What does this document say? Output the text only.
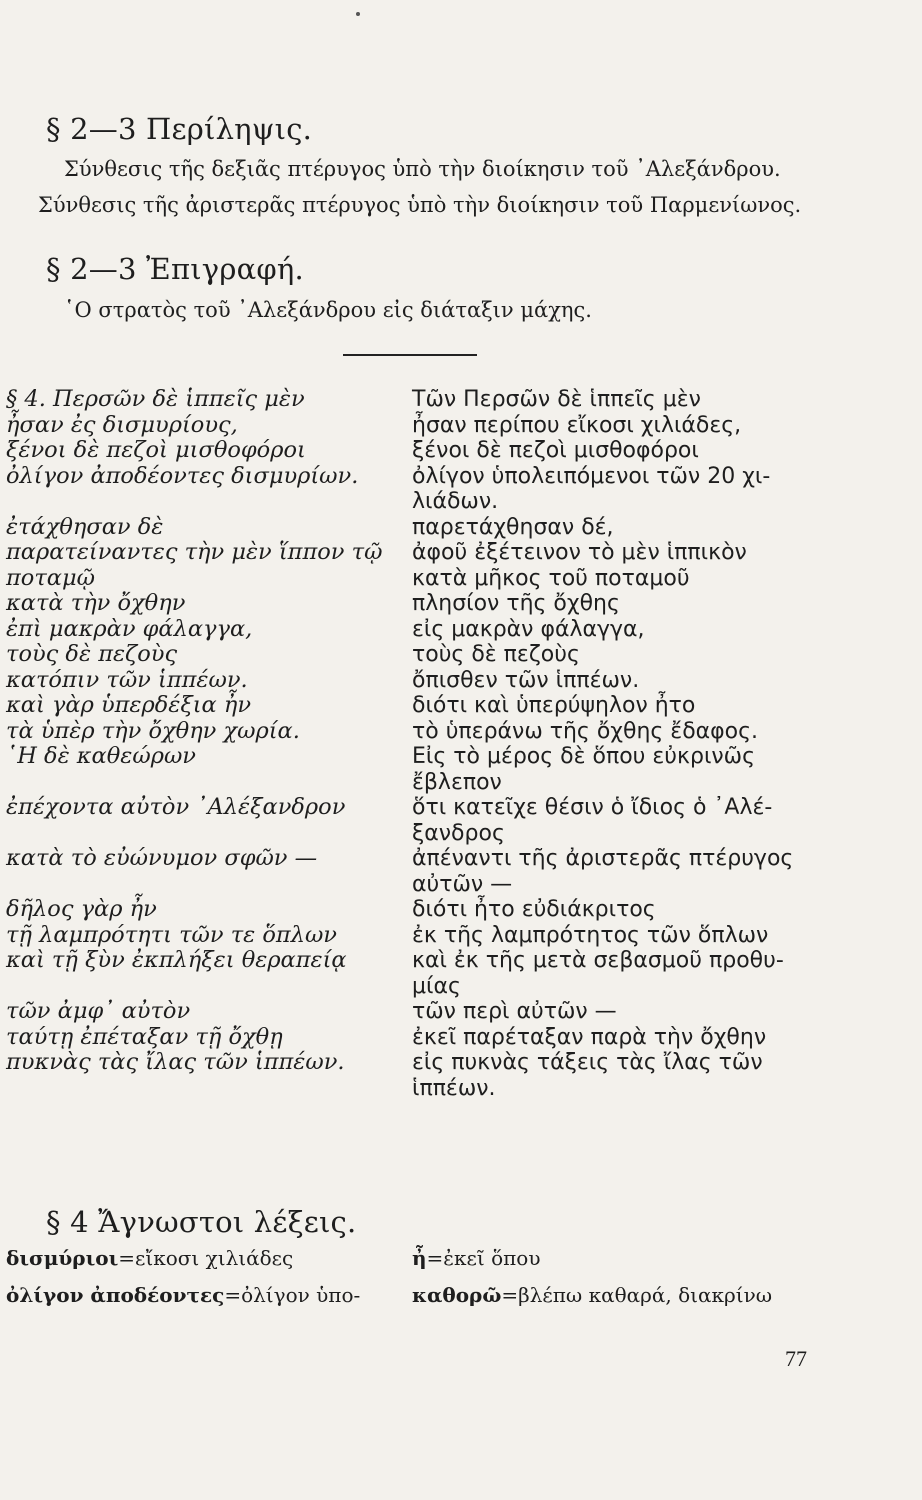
§ 2—3 Περίληψις.
Σύνθεσις τῆς δεξιᾶς πτέρυγος ὑπὸ τὴν διοίκησιν τοῦ ᾿Αλεξάνδρου.
Σύνθεσις τῆς ἀριστερᾶς πτέρυγος ὑπὸ τὴν διοίκησιν τοῦ Παρμενίωνος.
§ 2—3 Ἐπιγραφή.
῾Ο στρατὸς τοῦ ᾿Αλεξάνδρου εἰς διάταξιν μάχης.
§ 4. Περσῶν δὲ ἱππεῖς μὲν
ἦσαν ἐς δισμυρίους,
ξένοι δὲ πεζοὶ μισθοφόροι
ὀλίγον ἀποδέοντες δισμυρίων.
ἐτάχθησαν δὲ
παρατείναντες τὴν μὲν ἵππον τῷ
ποταμῷ
κατὰ τὴν ὄχθην
ἐπὶ μακρὰν φάλαγγα,
τοὺς δὲ πεζοὺς
κατόπιν τῶν ἱππέων.
καὶ γὰρ ὑπερδέξια ἦν
τὰ ὑπὲρ τὴν ὄχθην χωρία.
῾Η δὲ καθεώρων
ἐπέχοντα αὐτὸν ᾿Αλέξανδρον
κατὰ τὸ εὐώνυμον σφῶν —
δῆλος γὰρ ἦν
τῇ λαμπρότητι τῶν τε ὅπλων
καὶ τῇ ξὺν ἐκπλήξει θεραπείᾳ
τῶν ἀμφ᾿ αὐτὸν
ταύτῃ ἐπέταξαν τῇ ὄχθῃ
πυκνὰς τὰς ἴλας τῶν ἱππέων.
Τῶν Περσῶν δὲ ἱππεῖς μὲν
ἦσαν περίπου εἴκοσι χιλιάδες,
ξένοι δὲ πεζοὶ μισθοφόροι
ὀλίγον ὑπολειπόμενοι τῶν 20 χι-
λιάδων.
παρετάχθησαν δέ,
ἀφοῦ ἐξέτεινον τὸ μὲν ἱππικὸν
κατὰ μῆκος τοῦ ποταμοῦ
πλησίον τῆς ὄχθης
εἰς μακρὰν φάλαγγα,
τοὺς δὲ πεζοὺς
ὄπισθεν τῶν ἱππέων.
διότι καὶ ὑπερύψηλον ἦτο
τὸ ὑπεράνω τῆς ὄχθης ἔδαφος.
Εἰς τὸ μέρος δὲ ὅπου εὐκρινῶς
ἔβλεπον
ὅτι κατεῖχε θέσιν ὁ ἴδιος ὁ ᾿Αλέ-
ξανδρος
ἀπέναντι τῆς ἀριστερᾶς πτέρυγος
αὐτῶν —
διότι ἦτο εὐδιάκριτος
ἐκ τῆς λαμπρότητος τῶν ὅπλων
καὶ ἐκ τῆς μετὰ σεβασμοῦ προθυ-
μίας
τῶν περὶ αὐτῶν —
ἐκεῖ παρέταξαν παρὰ τὴν ὄχθην
εἰς πυκνὰς τάξεις τὰς ἴλας τῶν
ἱππέων.
§ 4 Ἄγνωστοι λέξεις.
δισμύριοι=εἴκοσι χιλιάδες	ἦ=ἐκεῖ ὅπου
ὀλίγον ἀποδέοντες=ὀλίγον ὑπο-	καθορῶ=βλέπω καθαρά, διακρίνω
77
